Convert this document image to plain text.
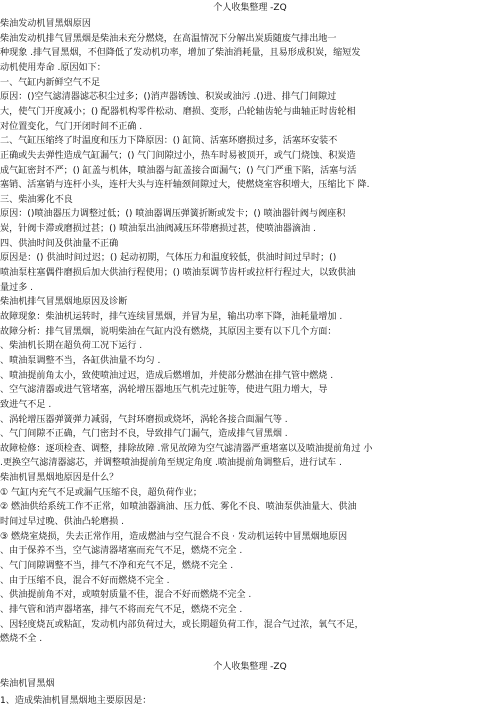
个人收集整理 -ZQ
柴油发动机冒黑烟原因
柴油发动机排气冒黑烟是柴油未充分燃烧，在高温情况下分解出炭质随废气排出地一
种现象 .排气冒黑烟，不但降低了发动机功率，增加了柴油消耗量，且易形成积炭，缩短发
动机使用寿命 .原因如下：
一、气缸内新鲜空气不足
原因：()空气滤清器滤芯积尘过多；()消声器锈蚀、积炭或油污 .()进、排气门间隙过
大，使气门开度减小；() 配器机构零件松动、磨损、变形，凸轮轴齿轮与曲轴正时齿轮相
对位置变化，气门开闭时间不正确 .
二、气缸压缩终了时温度和压力下降原因：() 缸筒、活塞环磨损过多，活塞环安装不
正确或失去弹性造成气缸漏气；() 气门间隙过小，热车时易被顶开，或气门烧蚀、积炭造
成气缸密封不严；() 缸盖与机体，喷油器与缸盖接合面漏气；() 气门严重下陷，活塞与活
塞销、活塞销与连杆小头，连杆大头与连杆轴颈间隙过大，使燃烧室容积增大，压缩比下 降.
三、柴油雾化不良
原因：()喷油器压力调整过低；() 喷油器调压弹簧折断或发卡；() 喷油器针阀与阀座积
炭，针阀卡滞或磨损过甚；() 喷油泵出油阀减压环带磨损过甚，使喷油器滴油 .
四、供油时间及供油量不正确
原因是：() 供油时间过迟；() 起动初期，气体压力和温度较低，供油时间过早时；()
喷油泵柱塞偶件磨损后加大供油行程使用；() 喷油泵调节齿杆或拉杆行程过大，以致供油
量过多 .
柴油机排气冒黑烟地原因及诊断
故障现象：柴油机运转时，排气连续冒黑烟，并冒为星，输出功率下降，油耗量增加 .
故障分析：排气冒黑烟，说明柴油在气缸内没有燃烧，其原因主要有以下几个方面：
、柴油机长期在超负荷工况下运行 .
、喷油泵调整不当，各缸供油量不均匀 .
、喷油提前角太小，致使喷油过迟，造成后燃增加，并使部分燃油在排气管中燃烧 .
、空气滤清器或进气管堵塞，涡轮增压器地压气机壳过脏等，使进气阻力增大，导
致进气不足 .
、涡轮增压器弹簧弹力减弱，气封环磨损或烧坏，涡轮各接合面漏气等 .
、气门间隙不正确，气门密封不良，导致排气门漏气，造成排气冒黑烟 .
故障检修：逐项检查、调整，排除故障 .常见故障为空气滤清器严重堵塞以及喷油提前角过 小
.更换空气滤清器滤芯，并调整喷油提前角至规定角度 .喷油提前角调整后，进行试车 .
柴油机冒黑烟地原因是什么？
① 气缸内充气不足或漏气压缩不良，超负荷作业；
② 燃油供给系统工作不正常，如喷油器滴油、压力低、雾化不良、喷油泵供油量大、供油
时间过早过晚、供油凸轮磨损 .
③ 燃烧室烧损，失去正常作用，造成燃油与空气混合不良 · 发动机运转中冒黑烟地原因
、由于保养不当，空气滤清器堵塞而充气不足，燃烧不完全 .
、气门间隙调整不当，排气不净和充气不足，燃烧不完全 .
、由于压缩不良，混合不好而燃烧不完全 .
、供油提前角不对，或喷射质量不佳，混合不好而燃烧不完全 .
、排气管和消声器堵塞，排气不将而充气不足，燃烧不完全 .
、因轻度烧瓦或粘缸，发动机内部负荷过大，或长期超负荷工作，混合气过浓，氧气不足，
燃烧不全 .
柴油机冒黑烟
1、造成柴油机冒黑烟地主要原因是：
个人收集整理 -ZQ
